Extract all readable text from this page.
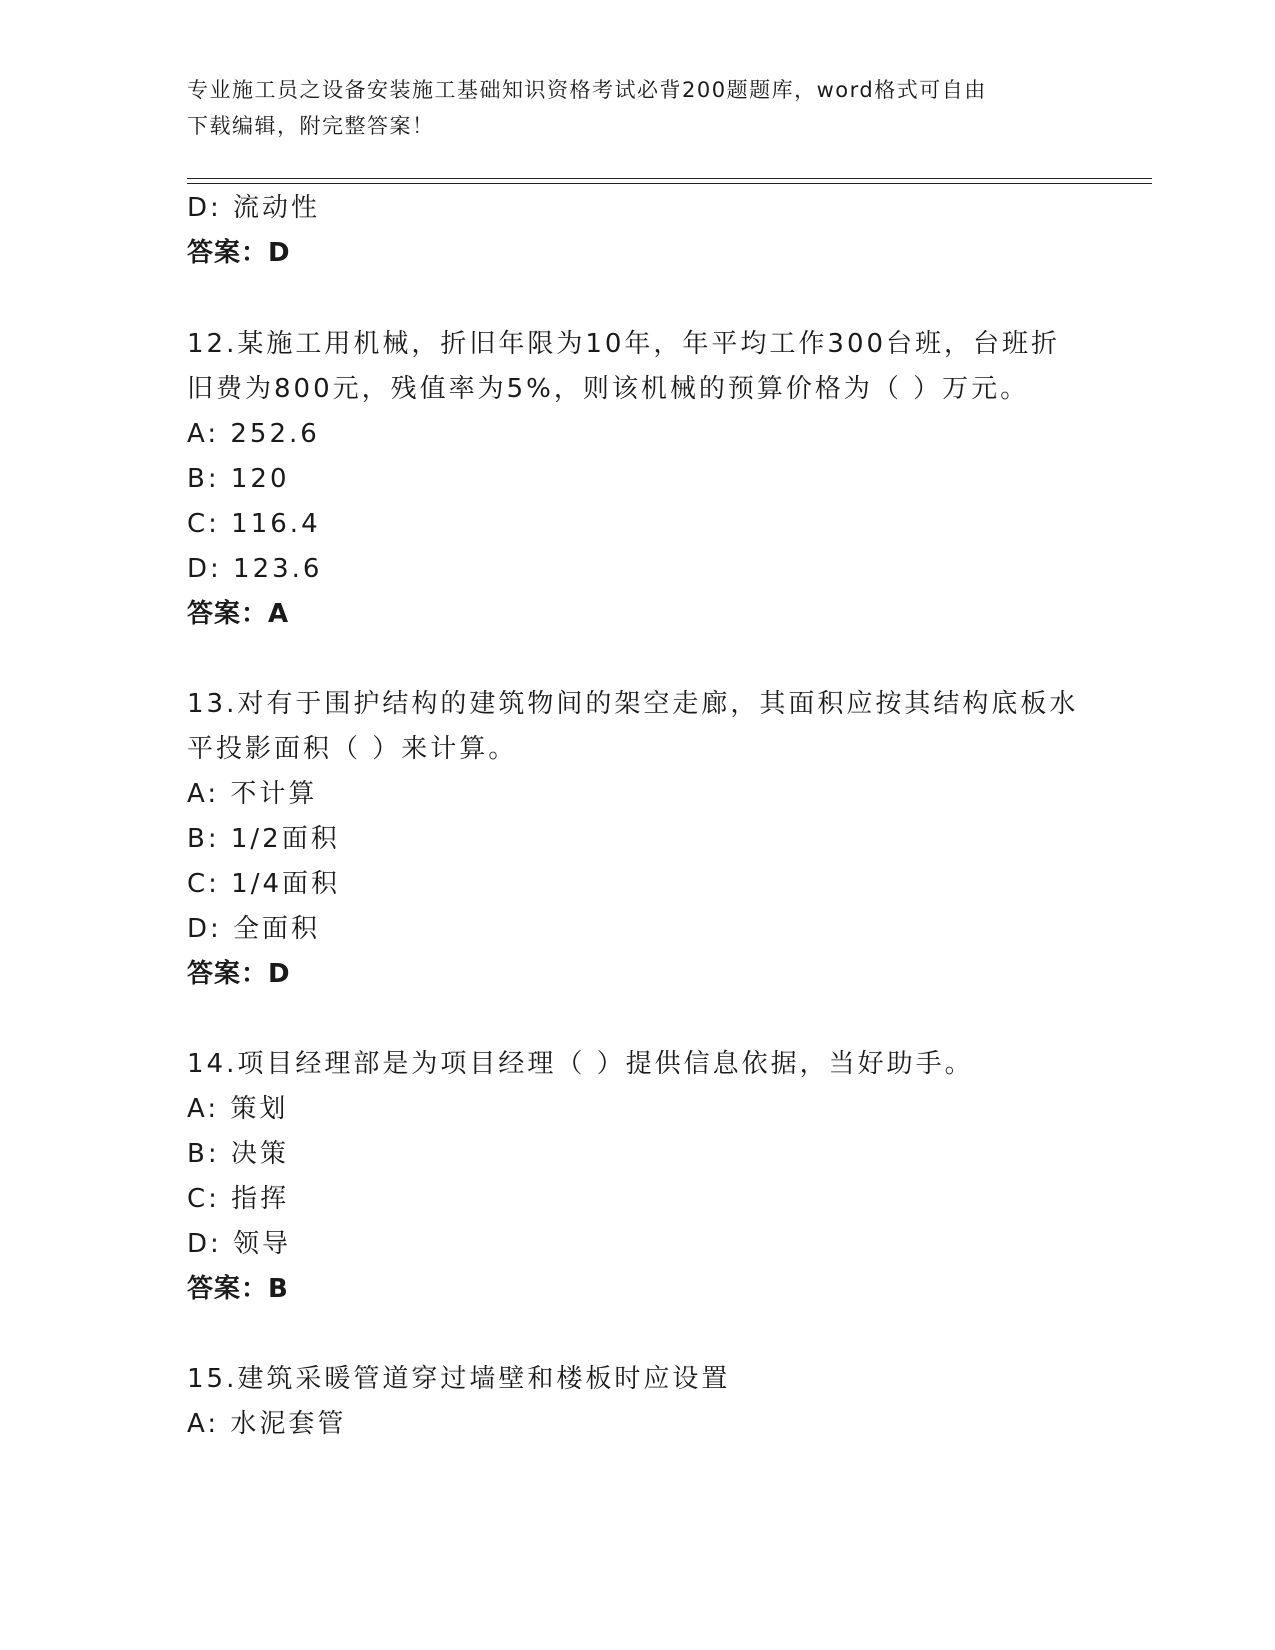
专业施工员之设备安装施工基础知识资格考试必背200题题库，word格式可自由
下载编辑，附完整答案！
D: 流动性
答案：D
12.某施工用机械，折旧年限为10年，年平均工作300台班，台班折
旧费为800元，残值率为5%，则该机械的预算价格为（ ）万元。
A: 252.6
B: 120
C: 116.4
D: 123.6
答案：A
13.对有于围护结构的建筑物间的架空走廊，其面积应按其结构底板水
平投影面积（ ）来计算。
A: 不计算
B: 1/2面积
C: 1/4面积
D: 全面积
答案：D
14.项目经理部是为项目经理（ ）提供信息依据，当好助手。
A: 策划
B: 决策
C: 指挥
D: 领导
答案：B
15.建筑采暖管道穿过墙壁和楼板时应设置
A: 水泥套管
